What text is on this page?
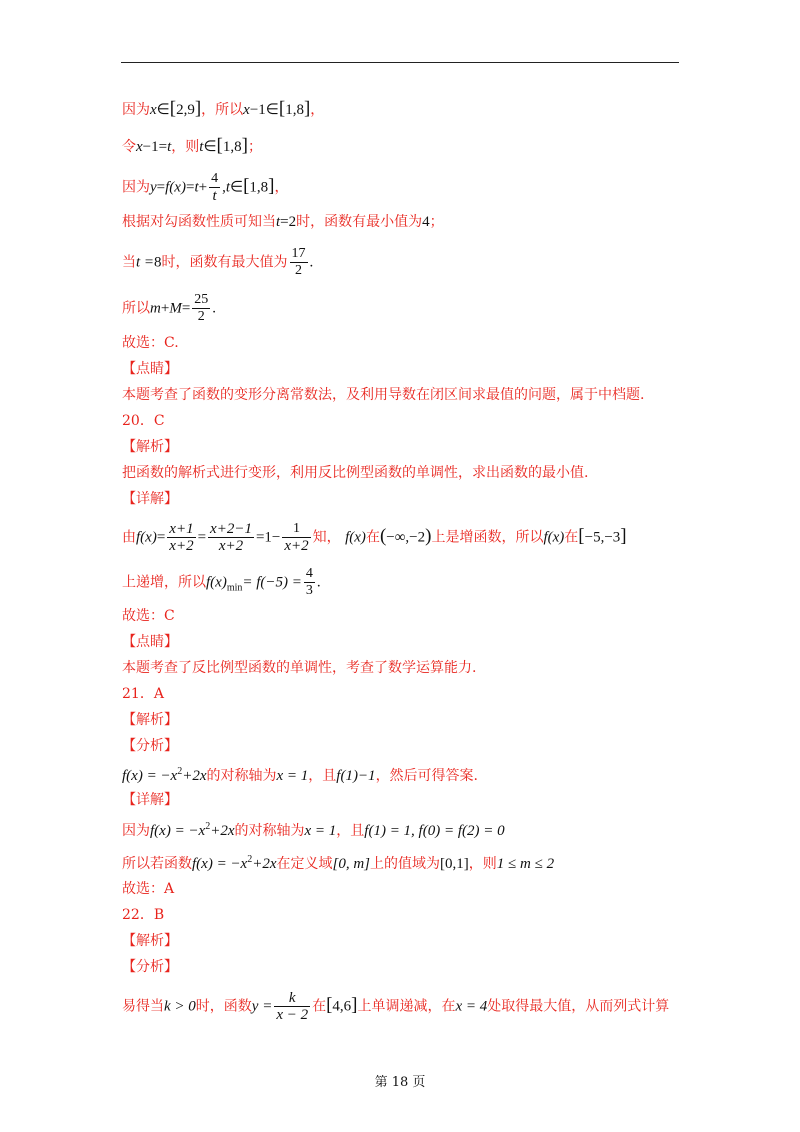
因为x∈[2,9]，所以x−1∈[1,8]，
令x−1=t，则t∈[1,8]；
因为$y=f(x)=t+ \frac{4}{t}$ ,t∈[1,8]，
根据对勾函数性质可知当t=2时，函数有最小值为4；
当t =8时，函数有最大值为 $\frac{17}{2}$ .
所以$m+M= \frac{25}{2}$ .
故选：C.
【点睛】
本题考查了函数的变形分离常数法，及利用导数在闭区间求最值的问题，属于中档题.
20．C
【解析】
把函数的解析式进行变形，利用反比例型函数的单调性，求出函数的最小值.
【详解】
由$f(x)= \frac{x+1}{x+2} = \frac{x+2-1}{x+2} =1- \frac{1}{x+2}$ 知， f(x)在(−∞,−2)上是增函数，所以f(x)在[−5,−3]
上递增，所以$f(x)_{min}= f(-5) = \frac{4}{3}$ .
故选：C
【点睛】
本题考查了反比例型函数的单调性，考查了数学运算能力.
21．A
【解析】
【分析】
$f(x) = -x^2+2x$的对称轴为x = 1，且f(1)−1，然后可得答案.
【详解】
因为$f(x) = -x^2+2x$的对称轴为x = 1，且f(1) = 1, f(0) = f(2) = 0
所以若函数$f(x) = -x^2+2x$在定义域[0, m]上的值域为[0,1]，则1 ≤ m ≤ 2
故选：A
22．B
【解析】
【分析】
易得当k > 0时，函数$y = \frac{k}{x - 2}$ 在[4,6]上单调递减，在x = 4处取得最大值，从而列式计算
第 18 页
